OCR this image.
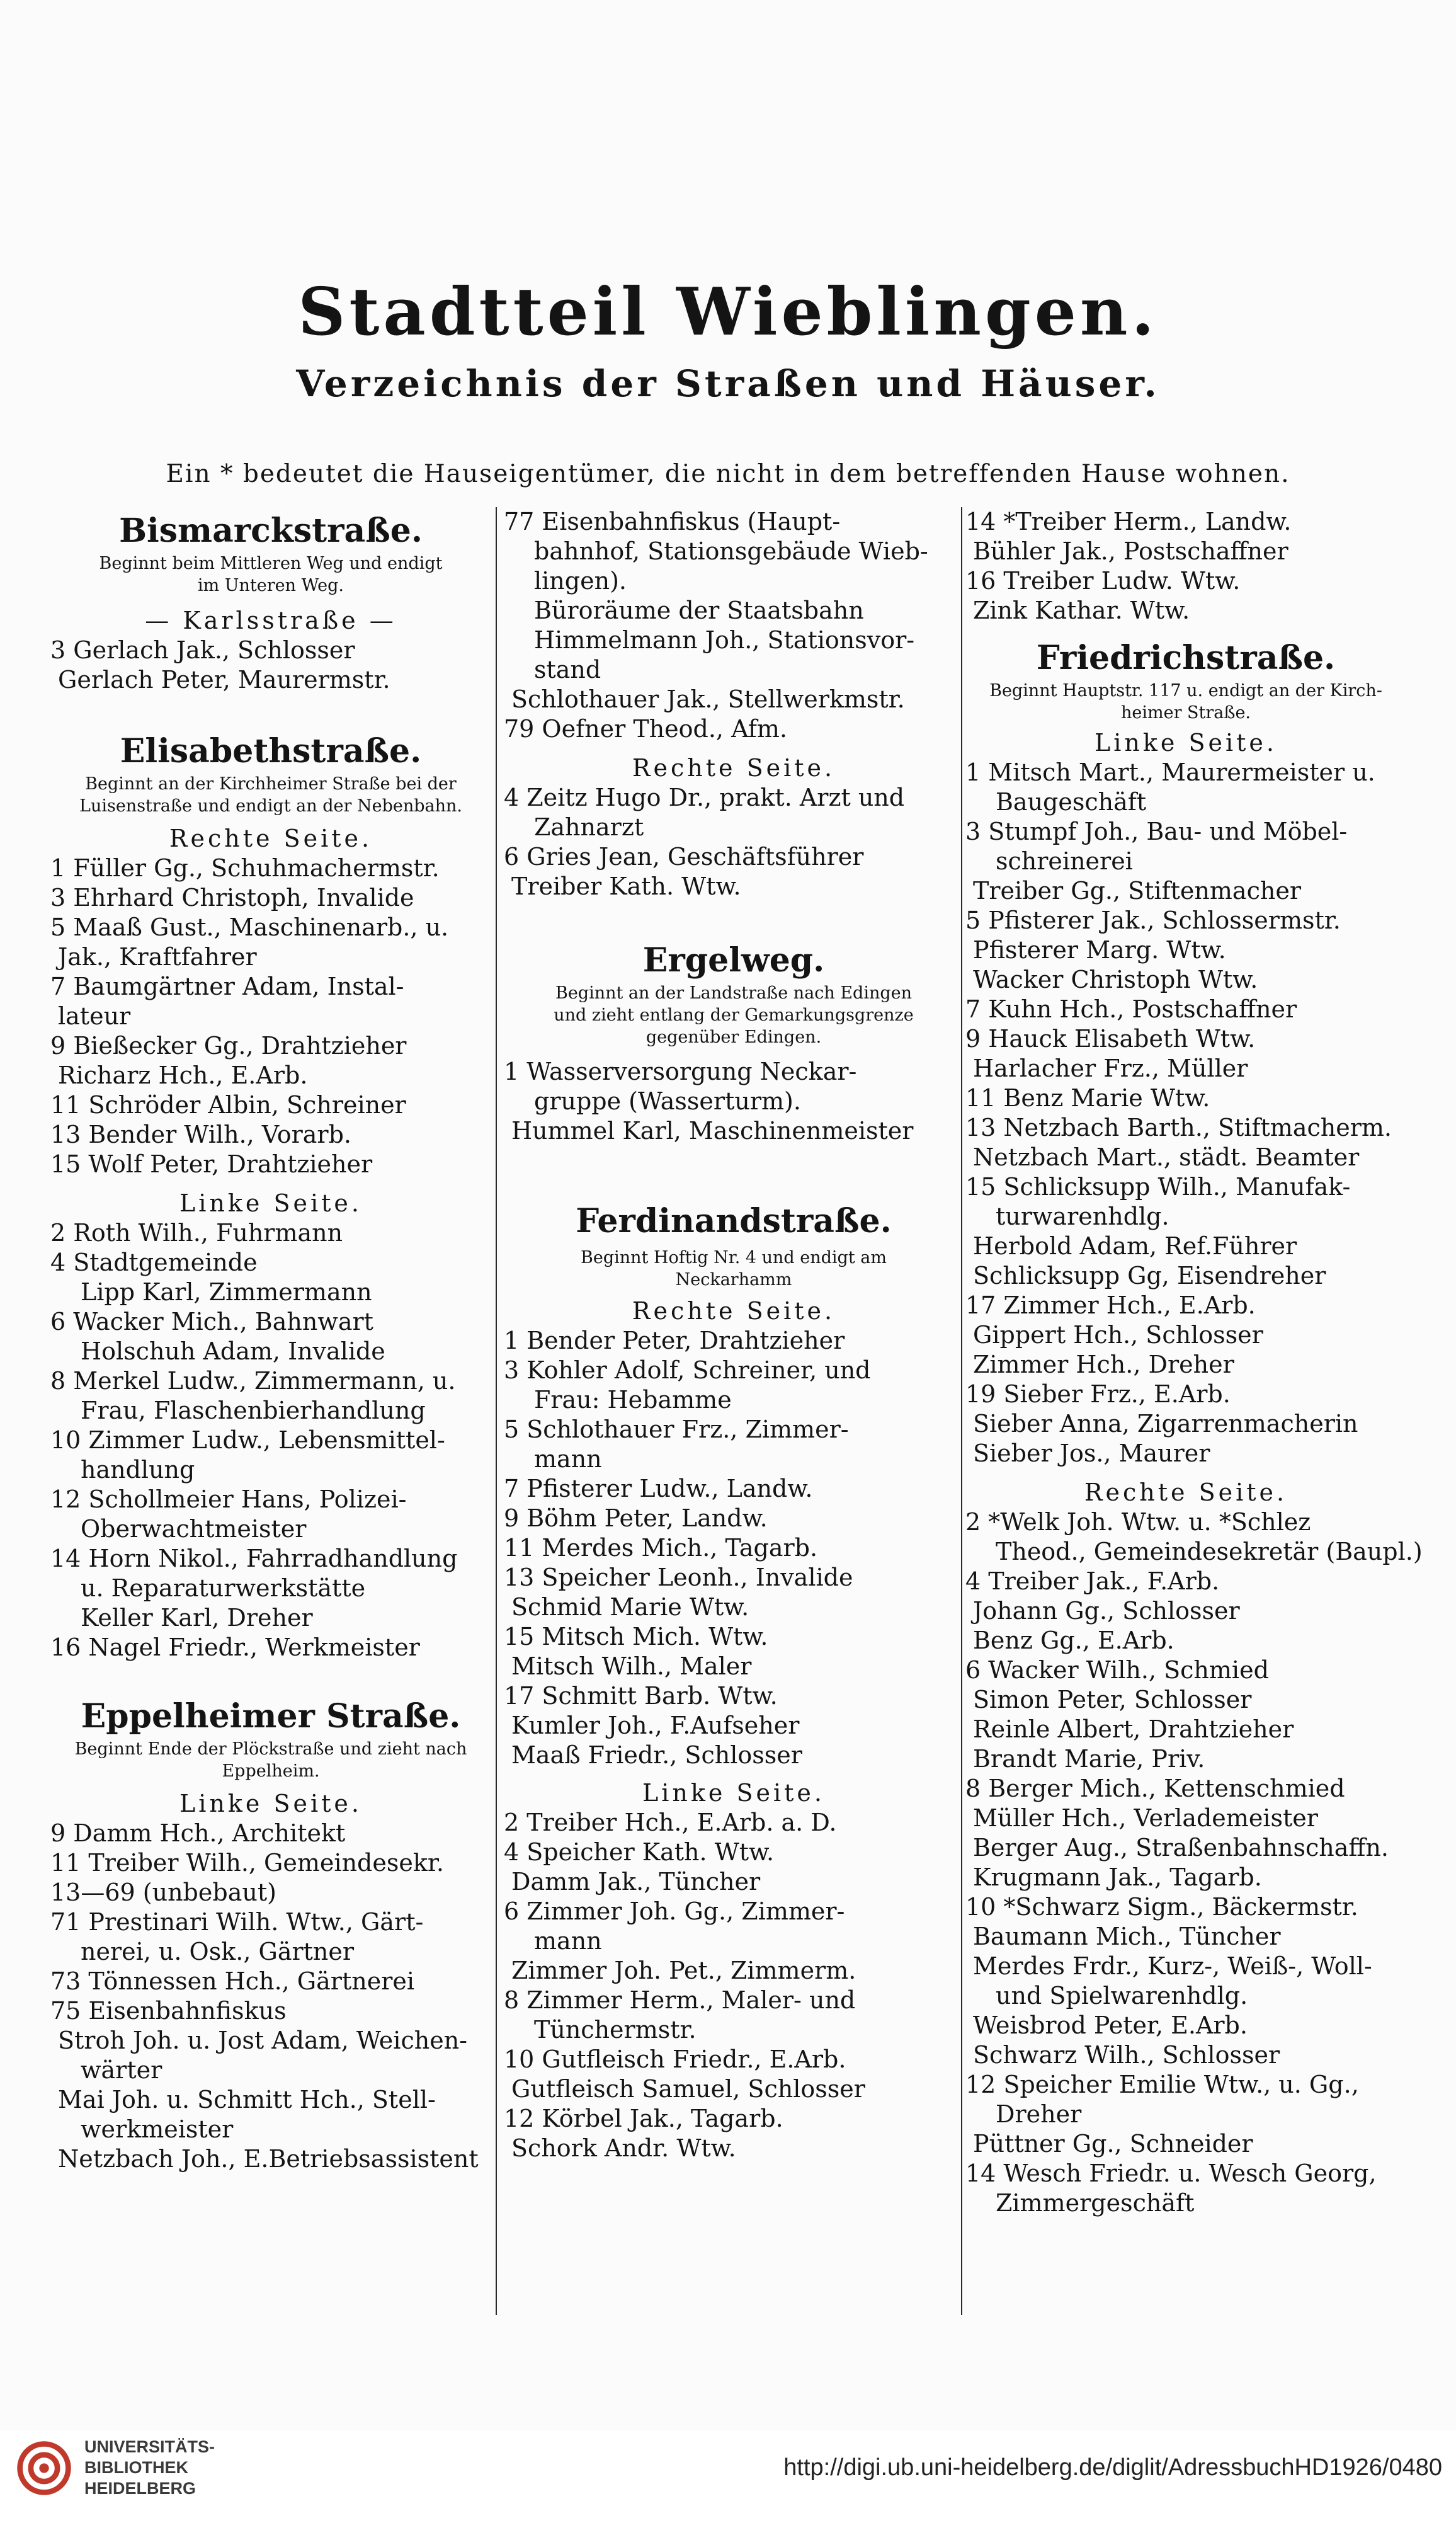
Stadtteil Wieblingen.
Verzeichnis der Straßen und Häuser.
Ein * bedeutet die Hauseigentümer, die nicht in dem betreffenden Hause wohnen.
Bismarckstraße.
Beginnt beim Mittleren Weg und endigt
im Unteren Weg.
— Karlsstraße —
3 Gerlach Jak., Schlosser
Gerlach Peter, Maurermstr.
Elisabethstraße.
Beginnt an der Kirchheimer Straße bei der
Luisenstraße und endigt an der Nebenbahn.
Rechte Seite.
1 Füller Gg., Schuhmachermstr.
3 Ehrhard Christoph, Invalide
5 Maaß Gust., Maschinenarb., u.
Jak., Kraftfahrer
7 Baumgärtner Adam, Instal-
lateur
9 Bießecker Gg., Drahtzieher
Richarz Hch., E.Arb.
11 Schröder Albin, Schreiner
13 Bender Wilh., Vorarb.
15 Wolf Peter, Drahtzieher
Linke Seite.
2 Roth Wilh., Fuhrmann
4 Stadtgemeinde
Lipp Karl, Zimmermann
6 Wacker Mich., Bahnwart
Holschuh Adam, Invalide
8 Merkel Ludw., Zimmermann, u.
Frau, Flaschenbierhandlung
10 Zimmer Ludw., Lebensmittel-
handlung
12 Schollmeier Hans, Polizei-
Oberwachtmeister
14 Horn Nikol., Fahrradhandlung
u. Reparaturwerkstätte
Keller Karl, Dreher
16 Nagel Friedr., Werkmeister
Eppelheimer Straße.
Beginnt Ende der Plöckstraße und zieht nach
Eppelheim.
Linke Seite.
9 Damm Hch., Architekt
11 Treiber Wilh., Gemeindesekr.
13—69 (unbebaut)
71 Prestinari Wilh. Wtw., Gärt-
nerei, u. Osk., Gärtner
73 Tönnessen Hch., Gärtnerei
75 Eisenbahnfiskus
Stroh Joh. u. Jost Adam, Weichen-
wärter
Mai Joh. u. Schmitt Hch., Stell-
werkmeister
Netzbach Joh., E.Betriebsassistent
77 Eisenbahnfiskus (Haupt-
bahnhof, Stationsgebäude Wieb-
lingen).
Büroräume der Staatsbahn
Himmelmann Joh., Stationsvor-
stand
Schlothauer Jak., Stellwerkmstr.
79 Oefner Theod., Afm.
Rechte Seite.
4 Zeitz Hugo Dr., prakt. Arzt und
Zahnarzt
6 Gries Jean, Geschäftsführer
Treiber Kath. Wtw.
Ergelweg.
Beginnt an der Landstraße nach Edingen
und zieht entlang der Gemarkungsgrenze
gegenüber Edingen.
1 Wasserversorgung Neckar-
gruppe (Wasserturm).
Hummel Karl, Maschinenmeister
Ferdinandstraße.
Beginnt Hoftig Nr. 4 und endigt am
Neckarhamm
Rechte Seite.
1 Bender Peter, Drahtzieher
3 Kohler Adolf, Schreiner, und
Frau: Hebamme
5 Schlothauer Frz., Zimmer-
mann
7 Pfisterer Ludw., Landw.
9 Böhm Peter, Landw.
11 Merdes Mich., Tagarb.
13 Speicher Leonh., Invalide
Schmid Marie Wtw.
15 Mitsch Mich. Wtw.
Mitsch Wilh., Maler
17 Schmitt Barb. Wtw.
Kumler Joh., F.Aufseher
Maaß Friedr., Schlosser
Linke Seite.
2 Treiber Hch., E.Arb. a. D.
4 Speicher Kath. Wtw.
Damm Jak., Tüncher
6 Zimmer Joh. Gg., Zimmer-
mann
Zimmer Joh. Pet., Zimmerm.
8 Zimmer Herm., Maler- und
Tünchermstr.
10 Gutfleisch Friedr., E.Arb.
Gutfleisch Samuel, Schlosser
12 Körbel Jak., Tagarb.
Schork Andr. Wtw.
14 *Treiber Herm., Landw.
Bühler Jak., Postschaffner
16 Treiber Ludw. Wtw.
Zink Kathar. Wtw.
Friedrichstraße.
Beginnt Hauptstr. 117 u. endigt an der Kirch-
heimer Straße.
Linke Seite.
1 Mitsch Mart., Maurermeister u.
Baugeschäft
3 Stumpf Joh., Bau- und Möbel-
schreinerei
Treiber Gg., Stiftenmacher
5 Pfisterer Jak., Schlossermstr.
Pfisterer Marg. Wtw.
Wacker Christoph Wtw.
7 Kuhn Hch., Postschaffner
9 Hauck Elisabeth Wtw.
Harlacher Frz., Müller
11 Benz Marie Wtw.
13 Netzbach Barth., Stiftmacherm.
Netzbach Mart., städt. Beamter
15 Schlicksupp Wilh., Manufak-
turwarenhdlg.
Herbold Adam, Ref.Führer
Schlicksupp Gg, Eisendreher
17 Zimmer Hch., E.Arb.
Gippert Hch., Schlosser
Zimmer Hch., Dreher
19 Sieber Frz., E.Arb.
Sieber Anna, Zigarrenmacherin
Sieber Jos., Maurer
Rechte Seite.
2 *Welk Joh. Wtw. u. *Schlez
Theod., Gemeindesekretär (Baupl.)
4 Treiber Jak., F.Arb.
Johann Gg., Schlosser
Benz Gg., E.Arb.
6 Wacker Wilh., Schmied
Simon Peter, Schlosser
Reinle Albert, Drahtzieher
Brandt Marie, Priv.
8 Berger Mich., Kettenschmied
Müller Hch., Verlademeister
Berger Aug., Straßenbahnschaffn.
Krugmann Jak., Tagarb.
10 *Schwarz Sigm., Bäckermstr.
Baumann Mich., Tüncher
Merdes Frdr., Kurz-, Weiß-, Woll-
und Spielwarenhdlg.
Weisbrod Peter, E.Arb.
Schwarz Wilh., Schlosser
12 Speicher Emilie Wtw., u. Gg.,
Dreher
Püttner Gg., Schneider
14 Wesch Friedr. u. Wesch Georg,
Zimmergeschäft
UNIVERSITÄTS-
BIBLIOTHEK
HEIDELBERG
http://digi.ub.uni-heidelberg.de/diglit/AdressbuchHD1926/0480
